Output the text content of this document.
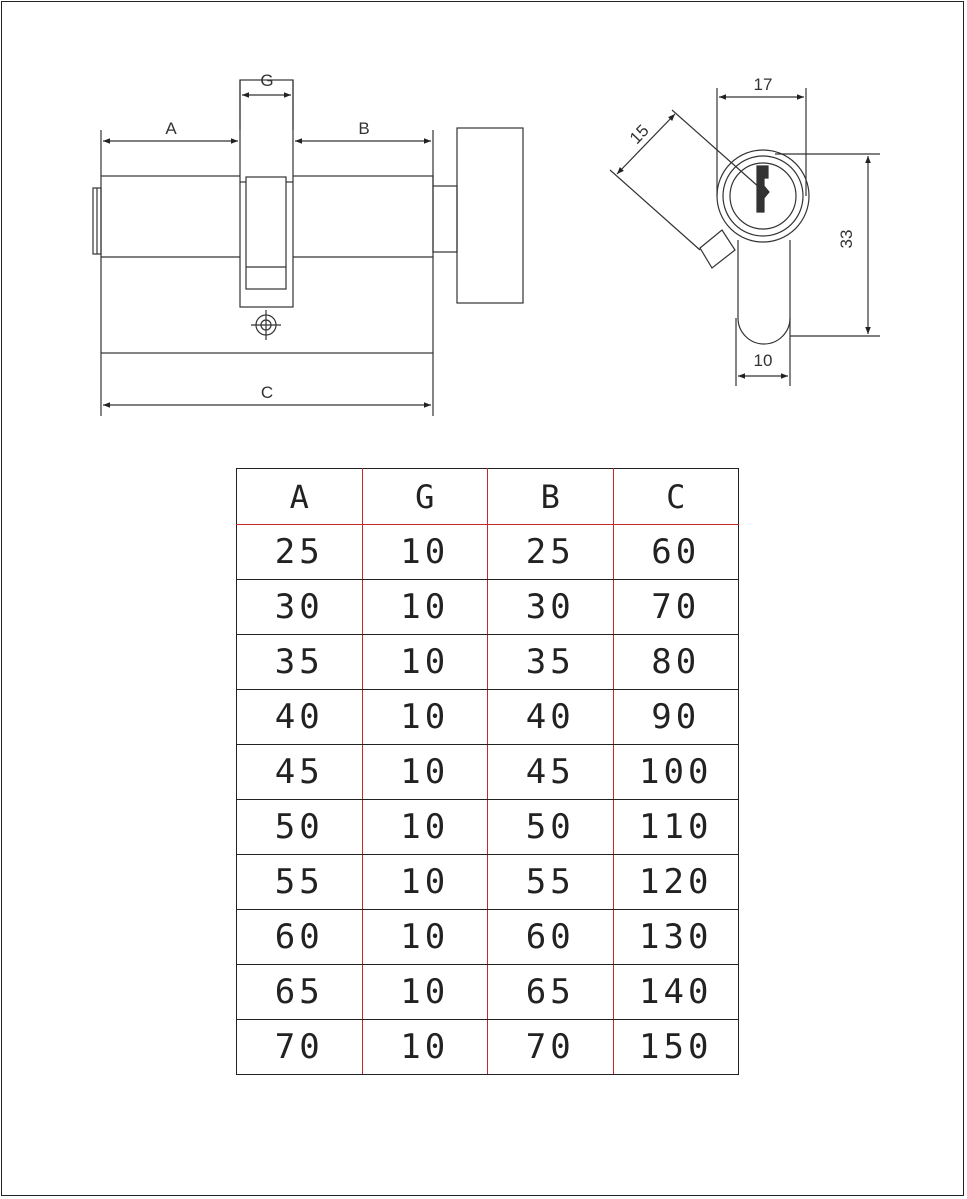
A
G
B
C
17
15
33
10
A	G	B	C
25	10	25	60
30	10	30	70
35	10	35	80
40	10	40	90
45	10	45	100
50	10	50	110
55	10	55	120
60	10	60	130
65	10	65	140
70	10	70	150
